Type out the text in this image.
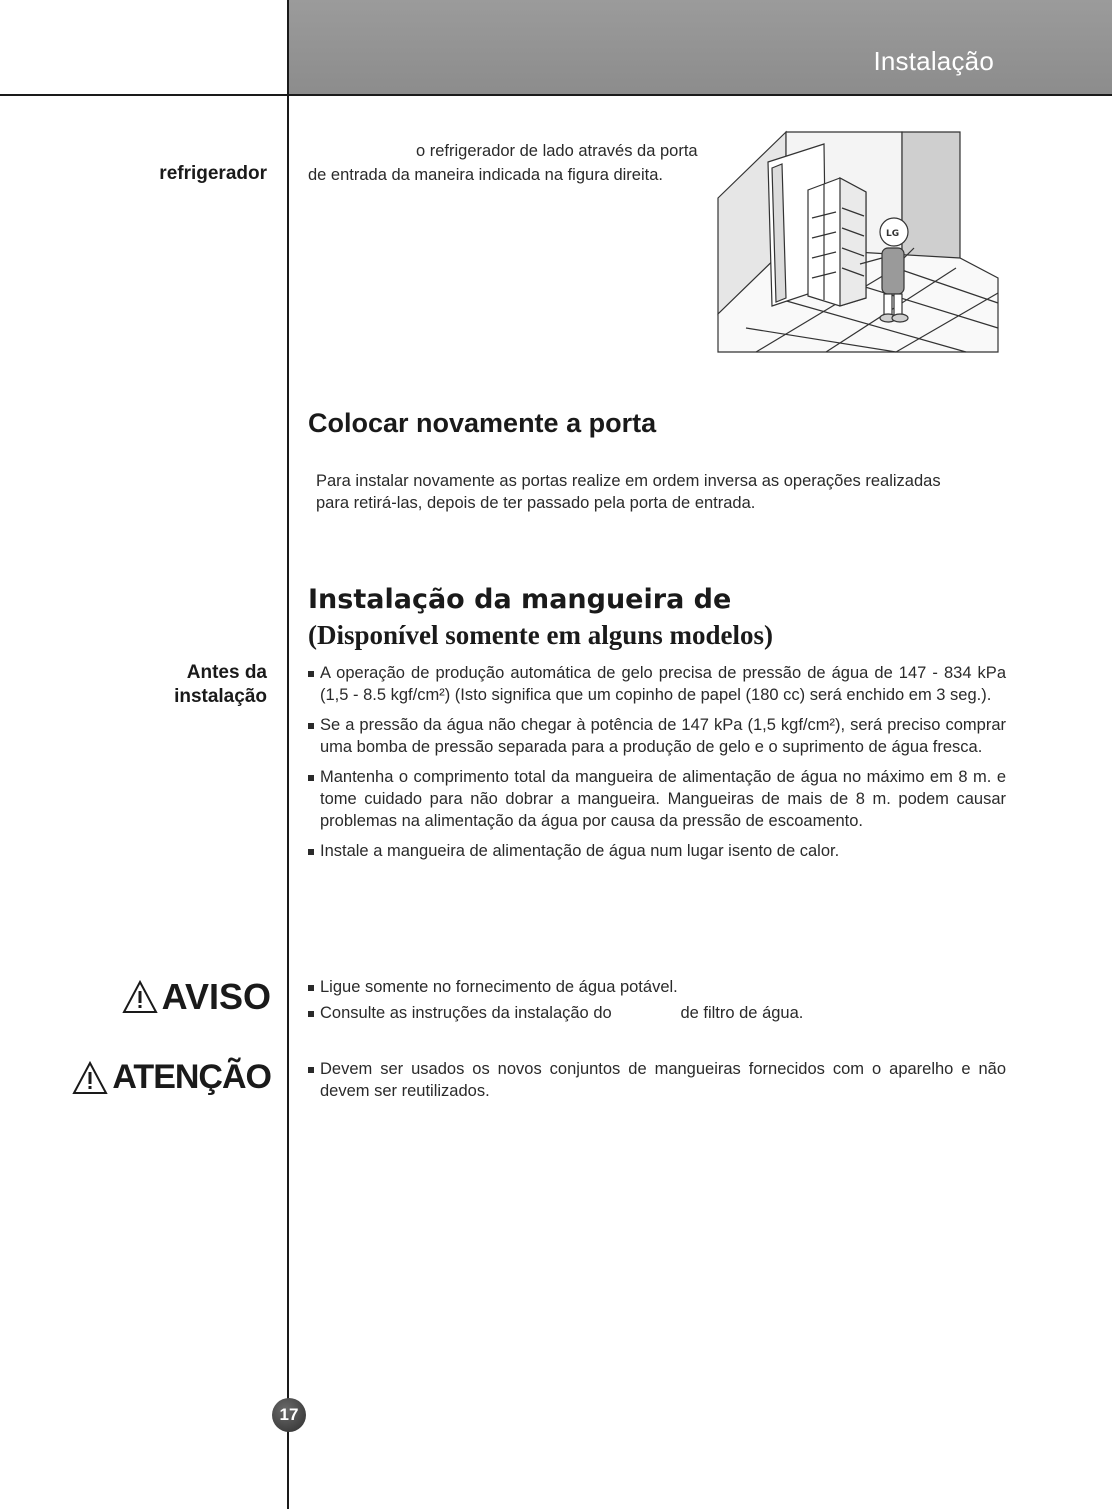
Instalação
refrigerador
o refrigerador de lado através da porta
de entrada da maneira indicada na figura direita.
LG
Colocar novamente a porta
Para instalar novamente as portas realize em ordem inversa as operações realizadas
para retirá-las, depois de ter passado pela porta de entrada.
Instalação da mangueira de
(Disponível somente em alguns modelos)
Antes da
instalação
A operação de produção automática de gelo precisa de pressão de água de 147 - 834 kPa (1,5 - 8.5 kgf/cm²) (Isto significa que um copinho de papel (180 cc) será enchido em 3 seg.).
Se a pressão da água não chegar à potência de 147 kPa (1,5 kgf/cm²), será preciso comprar uma bomba de pressão separada para a produção de gelo e o suprimento de água fresca.
Mantenha o comprimento total da mangueira de alimentação de água no máximo em 8 m. e tome cuidado para não dobrar a mangueira. Mangueiras de mais de 8 m. podem causar problemas na alimentação da água por causa da pressão de escoamento.
Instale a mangueira de alimentação de água num lugar isento de calor.
AVISO	Ligue somente no fornecimento de água potável.
Consulte as instruções da instalação do               de filtro de água.
ATENÇÃO	Devem ser usados os novos conjuntos de mangueiras fornecidos com o aparelho e não devem ser reutilizados.
17
